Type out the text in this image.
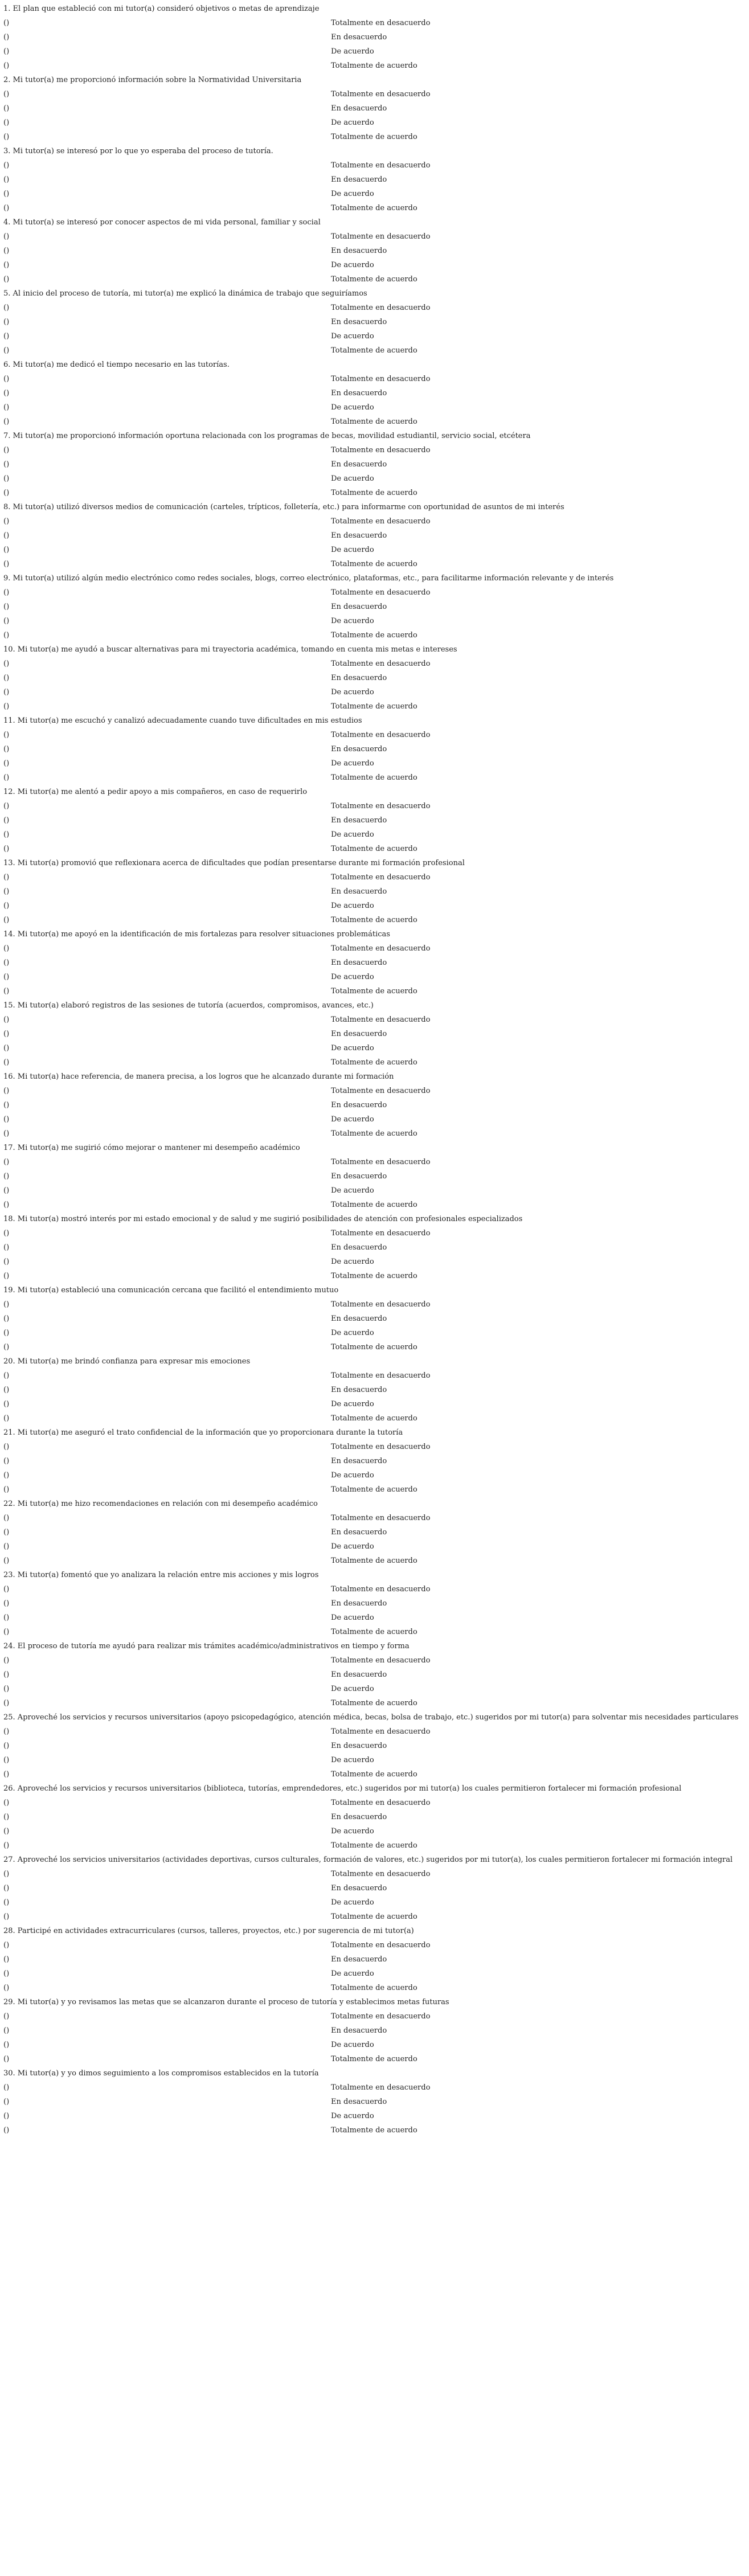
1. El plan que estableció con mi tutor(a) consideró objetivos o metas de aprendizaje
()	Totalmente en desacuerdo
()	En desacuerdo
()	De acuerdo
()	Totalmente de acuerdo
2. Mi tutor(a) me proporcionó información sobre la Normatividad Universitaria
()	Totalmente en desacuerdo
()	En desacuerdo
()	De acuerdo
()	Totalmente de acuerdo
3. Mi tutor(a) se interesó por lo que yo esperaba del proceso de tutoría.
()	Totalmente en desacuerdo
()	En desacuerdo
()	De acuerdo
()	Totalmente de acuerdo
4. Mi tutor(a) se interesó por conocer aspectos de mi vida personal, familiar y social
()	Totalmente en desacuerdo
()	En desacuerdo
()	De acuerdo
()	Totalmente de acuerdo
5. Al inicio del proceso de tutoría, mi tutor(a) me explicó la dinámica de trabajo que seguiríamos
()	Totalmente en desacuerdo
()	En desacuerdo
()	De acuerdo
()	Totalmente de acuerdo
6. Mi tutor(a) me dedicó el tiempo necesario en las tutorías.
()	Totalmente en desacuerdo
()	En desacuerdo
()	De acuerdo
()	Totalmente de acuerdo
7. Mi tutor(a) me proporcionó información oportuna relacionada con los programas de becas, movilidad estudiantil, servicio social, etcétera
()	Totalmente en desacuerdo
()	En desacuerdo
()	De acuerdo
()	Totalmente de acuerdo
8. Mi tutor(a) utilizó diversos medios de comunicación (carteles, trípticos, folletería, etc.) para informarme con oportunidad de asuntos de mi interés
()	Totalmente en desacuerdo
()	En desacuerdo
()	De acuerdo
()	Totalmente de acuerdo
9. Mi tutor(a) utilizó algún medio electrónico como redes sociales, blogs, correo electrónico, plataformas, etc., para facilitarme información relevante y de interés
()	Totalmente en desacuerdo
()	En desacuerdo
()	De acuerdo
()	Totalmente de acuerdo
10. Mi tutor(a) me ayudó a buscar alternativas para mi trayectoria académica, tomando en cuenta mis metas e intereses
()	Totalmente en desacuerdo
()	En desacuerdo
()	De acuerdo
()	Totalmente de acuerdo
11. Mi tutor(a) me escuchó y canalizó adecuadamente cuando tuve dificultades en mis estudios
()	Totalmente en desacuerdo
()	En desacuerdo
()	De acuerdo
()	Totalmente de acuerdo
12. Mi tutor(a) me alentó a pedir apoyo a mis compañeros, en caso de requerirlo
()	Totalmente en desacuerdo
()	En desacuerdo
()	De acuerdo
()	Totalmente de acuerdo
13. Mi tutor(a) promovió que reflexionara acerca de dificultades que podían presentarse durante mi formación profesional
()	Totalmente en desacuerdo
()	En desacuerdo
()	De acuerdo
()	Totalmente de acuerdo
14. Mi tutor(a) me apoyó en la identificación de mis fortalezas para resolver situaciones problemáticas
()	Totalmente en desacuerdo
()	En desacuerdo
()	De acuerdo
()	Totalmente de acuerdo
15. Mi tutor(a) elaboró registros de las sesiones de tutoría (acuerdos, compromisos, avances, etc.)
()	Totalmente en desacuerdo
()	En desacuerdo
()	De acuerdo
()	Totalmente de acuerdo
16. Mi tutor(a) hace referencia, de manera precisa, a los logros que he alcanzado durante mi formación
()	Totalmente en desacuerdo
()	En desacuerdo
()	De acuerdo
()	Totalmente de acuerdo
17. Mi tutor(a) me sugirió cómo mejorar o mantener mi desempeño académico
()	Totalmente en desacuerdo
()	En desacuerdo
()	De acuerdo
()	Totalmente de acuerdo
18. Mi tutor(a) mostró interés por mi estado emocional y de salud y me sugirió posibilidades de atención con profesionales especializados
()	Totalmente en desacuerdo
()	En desacuerdo
()	De acuerdo
()	Totalmente de acuerdo
19. Mi tutor(a) estableció una comunicación cercana que facilitó el entendimiento mutuo
()	Totalmente en desacuerdo
()	En desacuerdo
()	De acuerdo
()	Totalmente de acuerdo
20. Mi tutor(a) me brindó confianza para expresar mis emociones
()	Totalmente en desacuerdo
()	En desacuerdo
()	De acuerdo
()	Totalmente de acuerdo
21. Mi tutor(a) me aseguró el trato confidencial de la información que yo proporcionara durante la tutoría
()	Totalmente en desacuerdo
()	En desacuerdo
()	De acuerdo
()	Totalmente de acuerdo
22. Mi tutor(a) me hizo recomendaciones en relación con mi desempeño académico
()	Totalmente en desacuerdo
()	En desacuerdo
()	De acuerdo
()	Totalmente de acuerdo
23. Mi tutor(a) fomentó que yo analizara la relación entre mis acciones y mis logros
()	Totalmente en desacuerdo
()	En desacuerdo
()	De acuerdo
()	Totalmente de acuerdo
24. El proceso de tutoría me ayudó para realizar mis trámites académico/administrativos en tiempo y forma
()	Totalmente en desacuerdo
()	En desacuerdo
()	De acuerdo
()	Totalmente de acuerdo
25. Aproveché los servicios y recursos universitarios (apoyo psicopedagógico, atención médica, becas, bolsa de trabajo, etc.) sugeridos por mi tutor(a) para solventar mis necesidades particulares
()	Totalmente en desacuerdo
()	En desacuerdo
()	De acuerdo
()	Totalmente de acuerdo
26. Aproveché los servicios y recursos universitarios (biblioteca, tutorías, emprendedores, etc.) sugeridos por mi tutor(a) los cuales permitieron fortalecer mi formación profesional
()	Totalmente en desacuerdo
()	En desacuerdo
()	De acuerdo
()	Totalmente de acuerdo
27. Aproveché los servicios universitarios (actividades deportivas, cursos culturales, formación de valores, etc.) sugeridos por mi tutor(a), los cuales permitieron fortalecer mi formación integral
()	Totalmente en desacuerdo
()	En desacuerdo
()	De acuerdo
()	Totalmente de acuerdo
28. Participé en actividades extracurriculares (cursos, talleres, proyectos, etc.) por sugerencia de mi tutor(a)
()	Totalmente en desacuerdo
()	En desacuerdo
()	De acuerdo
()	Totalmente de acuerdo
29. Mi tutor(a) y yo revisamos las metas que se alcanzaron durante el proceso de tutoría y establecimos metas futuras
()	Totalmente en desacuerdo
()	En desacuerdo
()	De acuerdo
()	Totalmente de acuerdo
30. Mi tutor(a) y yo dimos seguimiento a los compromisos establecidos en la tutoría
()	Totalmente en desacuerdo
()	En desacuerdo
()	De acuerdo
()	Totalmente de acuerdo
